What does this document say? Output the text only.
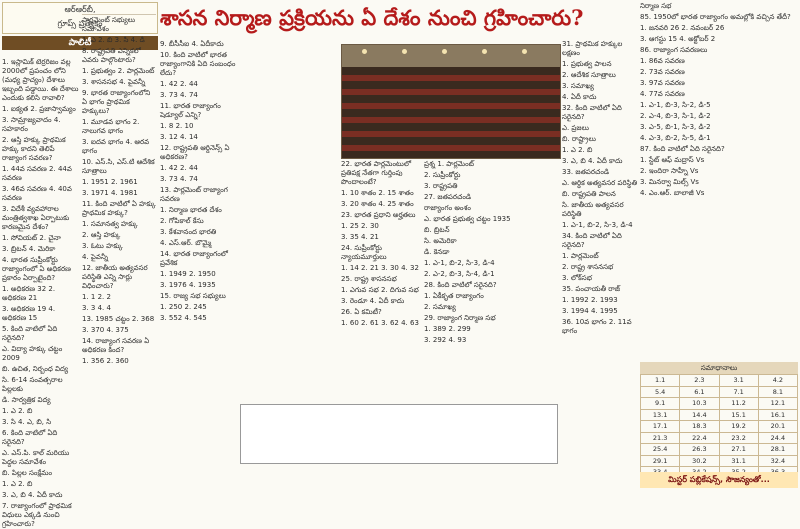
ఆర్‌ఆర్‌బీ,
గ్రూప్స్ ప్రత్యేకం
పాలిటీ
శాసన నిర్మాణ ప్రక్రియను ఏ దేశం నుంచి గ్రహించారు?

1. ఇస్లామిక్ టెర్రరిజం వల్ల 2000లో ప్రపంచం లోని (మధ్య ప్రాచ్యం) దేశాలు ఇబ్బంది పడ్డాయి. ఈ దేశాలు ఎందుకు కలిసి రావాలి?

1. ఐక్యత 2. ప్రజాస్వామ్యం

3. సామ్రాజ్యవాదం 4. సహకారం

2. ఆస్తి హక్కు ప్రాథమిక హక్కు కాదని తెలిపే రాజ్యాంగ సవరణ?

1. 44వ సవరణ 2. 44వ సవరణ

3. 46వ సవరణ 4. 40వ సవరణ

3. విదేశీ వ్యవహారాల మంత్రిత్వశాఖ ఏర్పాటుకు కారణమైన దేశం?

1. సోవియట్ 2. చైనా

3. బ్రిటన్ 4. మెరికా

4. భారత సుప్రీంకోర్టు రాజ్యాంగంలో ఏ అధికరణ ప్రకారం ఏర్పాటైంది?

1. అధికరణ 32 2. అధికరణ 21

3. అధికరణ 19 4. అధికరణ 15

5. కింది వాటిలో ఏది సరైనది?

ఎ. విద్యా హక్కు చట్టం 2009

బి. ఉచిత, నిర్బంధ విద్య

సి. 6-14 సంవత్సరాల పిల్లలకు

డి. సార్వత్రిక విద్య

1. ఎ 2. బి

3. సి 4. ఎ, బి, సి

6. కింది వాటిలో ఏది సరైనది?

ఎ. ఎస్.పి. కాల్ మరియు పెద్దల సమావేశం

బి. పిల్లల సంక్షేమం

1. ఎ 2. బి

3. ఎ, బి 4. ఏదీ కాదు

7. రాజ్యాంగంలో ప్రాథమిక విధులు ఎక్కడి నుంచి గ్రహించారు?

పార్లమెంట్ సభ్యులు సమావేశం

1. ఎ 2. బి 3. సి 4. డి

8. రాష్ట్రపతి ఎన్నికలో ఎవరు పాల్గొంటారు?

1. ప్రభుత్వం 2. పార్లమెంట్

3. శాసనసభ 4. పైవన్నీ

9. భారత రాజ్యాంగంలోని ఏ భాగం ప్రాథమిక హక్కులు?

1. మూడవ భాగం 2. నాలుగవ భాగం

3. ఐదవ భాగం 4. ఆరవ భాగం

10. ఎస్.సి, ఎస్.టి ఆదేశిక సూత్రాలు

1. 1951 2. 1961

3. 1971 4. 1981

11. కింది వాటిలో ఏ హక్కు ప్రాథమిక హక్కు?

1. సమానత్వ హక్కు

2. ఆస్తి హక్కు

3. ఓటు హక్కు

4. పైవన్నీ

12. జాతీయ అత్యవసర పరిస్థితి ఎన్ని సార్లు విధించారు?

1. 1 2. 2

3. 3 4. 4

13. 1985 చట్టం 2. 368

3. 370 4. 375

14. రాజ్యాంగ సవరణ ఏ అధికరణ కింద?

1. 356 2. 360

9. బీసీసీఐ 4. ఏదీకాదు

10. కింది వాటిలో భారత రాజ్యాంగానికి ఏది సంబంధం లేదు?

1. 42 2. 44

3. 73 4. 74

11. భారత రాజ్యాంగం షెడ్యూల్ ఎన్ని?

1. 8 2. 10

3. 12 4. 14

12. రాష్ట్రపతి ఆర్డినెన్స్ ఏ అధికరణ?

1. 42 2. 44

3. 73 4. 74

13. పార్లమెంట్ రాజ్యాంగ సవరణ

1. నిర్మాణ భారత దేశం

2. గోపికాల్ కేసు

3. కేశవానంద భారతి

4. ఎస్.ఆర్. బొమ్మై

14. భారత రాజ్యాంగంలో ప్రవేశిక

1. 1949 2. 1950

3. 1976 4. 1935

15. రాజ్య సభ సభ్యులు

1. 250 2. 245

3. 552 4. 545

22. భారత పార్లమెంటులో ప్రతిపక్ష నేతగా గుర్తింపు పొందాలంటే?

1. 10 శాతం 2. 15 శాతం

3. 20 శాతం 4. 25 శాతం

23. భారత ప్రధాని అర్హతలు

1. 25 2. 30

3. 35 4. 21

24. సుప్రీంకోర్టు న్యాయమూర్తులు

1. 14 2. 21 3. 30 4. 32

25. రాష్ట్ర శాసనసభ

1. ఎగువ సభ 2. దిగువ సభ

3. రెండూ 4. ఏదీ కాదు

26. ఏ కమిటీ?

1. 60 2. 61 3. 62 4. 63

ప్రశ్న 1. పార్లమెంట్

2. సుప్రీంకోర్టు

3. రాష్ట్రపతి

27. జతపరచండి

రాజ్యాంగం అంశం

ఎ. భారత ప్రభుత్వ చట్టం 1935

బి. బ్రిటన్

సి. అమెరికా

డి. కెనడా

1. ఎ-1, బి-2, సి-3, డి-4

2. ఎ-2, బి-3, సి-4, డి-1

28. కింది వాటిలో సరైనది?

1. ఏకీకృత రాజ్యాంగం

2. సమాఖ్య

29. రాజ్యాంగ నిర్మాణ సభ

1. 389 2. 299

3. 292 4. 93

31. ప్రాథమిక హక్కుల లక్షణం

1. ప్రభుత్వ పాలన

2. ఆదేశిక సూత్రాలు

3. సమాఖ్య

4. ఏదీ కాదు

32. కింది వాటిలో ఏది సరైనది?

ఎ. ప్రజలు

బి. రాష్ట్రాలు

1. ఎ 2. బి

3. ఎ, బి 4. ఏదీ కాదు

33. జతపరచండి

ఎ. ఆర్థిక అత్యవసర పరిస్థితి

బి. రాష్ట్రపతి పాలన

సి. జాతీయ అత్యవసర పరిస్థితి

1. ఎ-1, బి-2, సి-3, డి-4

34. కింది వాటిలో ఏది సరైనది?

1. పార్లమెంట్

2. రాష్ట్ర శాసనసభ

3. లోక్‌సభ

35. పంచాయతీ రాజ్

1. 1992 2. 1993

3. 1994 4. 1995

36. 10వ భాగం 2. 11వ భాగం

నిర్మాణ సభ

85. 1950లో భారత రాజ్యాంగం అమల్లోకి వచ్చిన తేదీ?

1. జనవరి 26 2. నవంబర్ 26

3. ఆగస్టు 15 4. అక్టోబర్ 2

86. రాజ్యాంగ సవరణలు

1. 86వ సవరణ

2. 73వ సవరణ

3. 97వ సవరణ

4. 77వ సవరణ

1. ఎ-1, బి-3, సి-2, డి-5

2. ఎ-4, బి-3, సి-1, డి-2

3. ఎ-5, బి-1, సి-3, డి-2

4. ఎ-3, బి-2, సి-5, డి-1

87. కింది వాటిలో ఏది సరైనది?

1. స్టేట్ ఆఫ్ మద్రాస్ Vs

2. ఇందిరా సాహ్నీ Vs

3. మినర్వా మిల్స్ Vs

4. ఎం.ఆర్. బాలాజీ Vs

సమాధానాలు
1.1	2.3	3.1	4.2
5.4	6.1	7.1	8.1
9.1	10.3	11.2	12.1
13.1	14.4	15.1	16.1
17.1	18.3	19.2	20.1
21.3	22.4	23.2	24.4
25.4	26.3	27.1	28.1
29.1	30.2	31.1	32.4

మిస్టర్ పబ్లికేషన్స్, సౌజన్యంతో...
